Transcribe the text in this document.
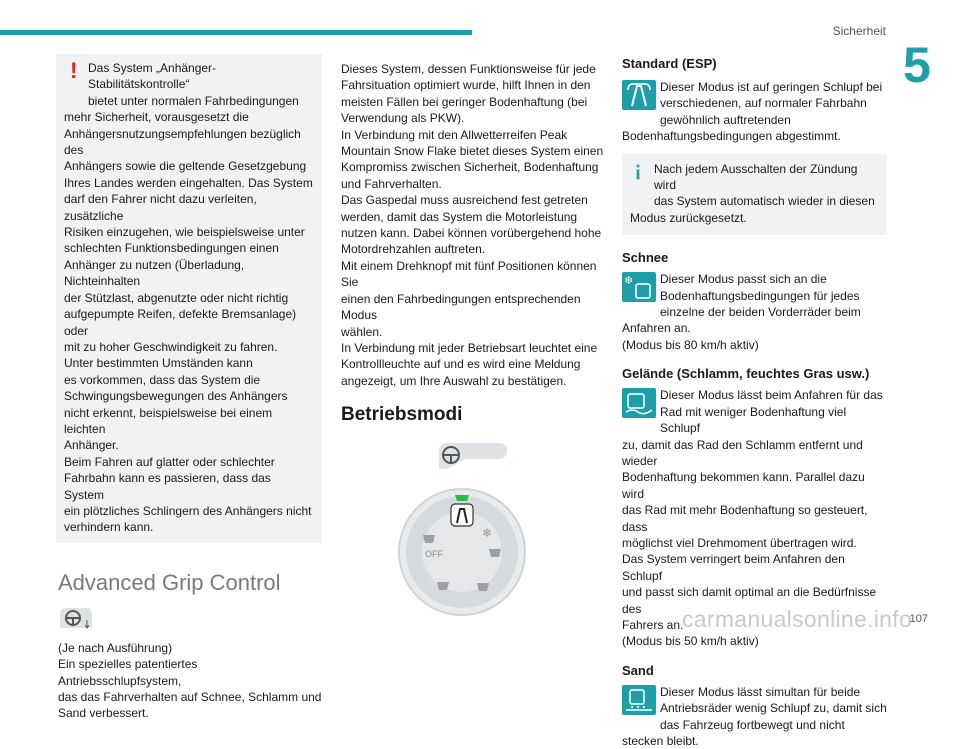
Sicherheit
5
! Das System „Anhänger-Stabilitätskontrolle“

bietet unter normalen Fahrbedingungen

mehr Sicherheit, vorausgesetzt die

Anhängersnutzungsempfehlungen bezüglich des

Anhängers sowie die geltende Gesetzgebung

Ihres Landes werden eingehalten. Das System

darf den Fahrer nicht dazu verleiten, zusätzliche

Risiken einzugehen, wie beispielsweise unter

schlechten Funktionsbedingungen einen

Anhänger zu nutzen (Überladung, Nichteinhalten

der Stützlast, abgenutzte oder nicht richtig

aufgepumpte Reifen, defekte Bremsanlage) oder

mit zu hoher Geschwindigkeit zu fahren.

Unter bestimmten Umständen kann

es vorkommen, dass das System die

Schwingungsbewegungen des Anhängers

nicht erkennt, beispielsweise bei einem leichten

Anhänger.

Beim Fahren auf glatter oder schlechter

Fahrbahn kann es passieren, dass das System

ein plötzliches Schlingern des Anhängers nicht

verhindern kann.

Advanced Grip Control

(Je nach Ausführung)

Ein spezielles patentiertes Antriebsschlupfsystem,

das das Fahrverhalten auf Schnee, Schlamm und

Sand verbessert.

Dieses System, dessen Funktionsweise für jede

Fahrsituation optimiert wurde, hilft Ihnen in den

meisten Fällen bei geringer Bodenhaftung (bei

Verwendung als PKW).

In Verbindung mit den Allwetterreifen Peak

Mountain Snow Flake bietet dieses System einen

Kompromiss zwischen Sicherheit, Bodenhaftung

und Fahrverhalten.

Das Gaspedal muss ausreichend fest getreten

werden, damit das System die Motorleistung

nutzen kann. Dabei können vorübergehend hohe

Motordrehzahlen auftreten.

Mit einem Drehknopf mit fünf Positionen können Sie

einen den Fahrbedingungen entsprechenden Modus

wählen.

In Verbindung mit jeder Betriebsart leuchtet eine

Kontrollleuchte auf und es wird eine Meldung

angezeigt, um Ihre Auswahl zu bestätigen.

Betriebsmodi
OFF
❄
Standard (ESP)

Dieser Modus ist auf geringen Schlupf bei

verschiedenen, auf normaler Fahrbahn

gewöhnlich auftretenden

Bodenhaftungsbedingungen abgestimmt.

Nach jedem Ausschalten der Zündung wird

das System automatisch wieder in diesen

Modus zurückgesetzt.

Schnee
❄	Dieser Modus passt sich an die

Bodenhaftungsbedingungen für jedes

einzelne der beiden Vorderräder beim Anfahren an.

(Modus bis 80 km/h aktiv)

Gelände (Schlamm, feuchtes Gras usw.)

Dieser Modus lässt beim Anfahren für das

Rad mit weniger Bodenhaftung viel Schlupf

zu, damit das Rad den Schlamm entfernt und wieder

Bodenhaftung bekommen kann. Parallel dazu wird

das Rad mit mehr Bodenhaftung so gesteuert, dass

möglichst viel Drehmoment übertragen wird.

Das System verringert beim Anfahren den Schlupf

und passt sich damit optimal an die Bedürfnisse des

Fahrers an.

(Modus bis 50 km/h aktiv)

Sand

Dieser Modus lässt simultan für beide

Antriebsräder wenig Schlupf zu, damit sich

das Fahrzeug fortbewegt und nicht stecken bleibt.

carmanualsonline.info
107
